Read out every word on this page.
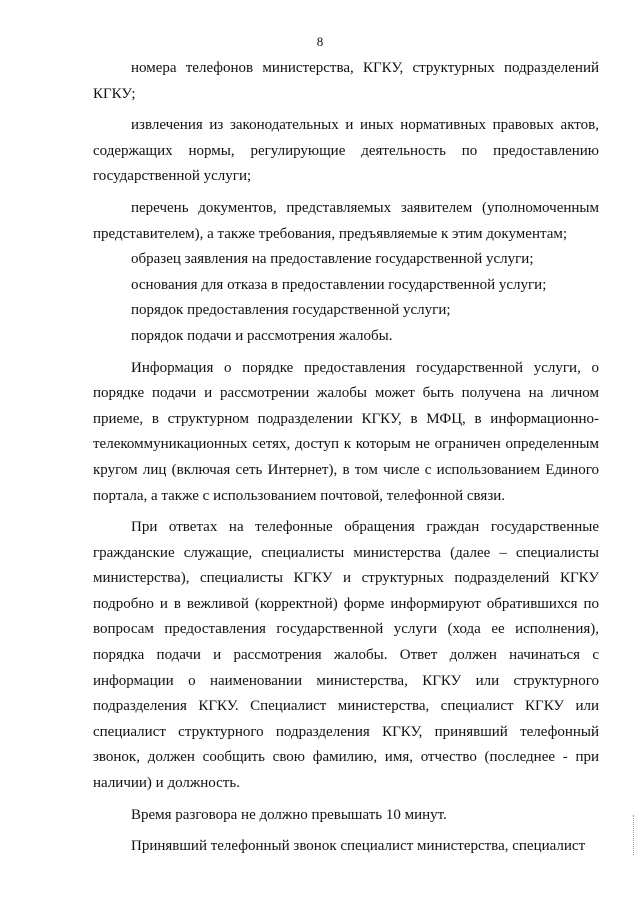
8

номера телефонов министерства, КГКУ, структурных подразделений КГКУ;

извлечения из законодательных и иных нормативных правовых актов, содержащих нормы, регулирующие деятельность по предоставлению государственной услуги;

перечень документов, представляемых заявителем (уполномоченным представителем), а также требования, предъявляемые к этим документам;

образец заявления на предоставление государственной услуги;

основания для отказа в предоставлении государственной услуги;

порядок предоставления государственной услуги;

порядок подачи и рассмотрения жалобы.

Информация о порядке предоставления государственной услуги, о порядке подачи и рассмотрении жалобы может быть получена на личном приеме, в структурном подразделении КГКУ, в МФЦ, в информационно-телекоммуникационных сетях, доступ к которым не ограничен определенным кругом лиц (включая сеть Интернет), в том числе с использованием Единого портала, а также с использованием почтовой, телефонной связи.

При ответах на телефонные обращения граждан государственные гражданские служащие, специалисты министерства (далее – специалисты министерства), специалисты КГКУ и структурных подразделений КГКУ подробно и в вежливой (корректной) форме информируют обратившихся по вопросам предоставления государственной услуги (хода ее исполнения), порядка подачи и рассмотрения жалобы. Ответ должен начинаться с информации о наименовании министерства, КГКУ или структурного подразделения КГКУ. Специалист министерства, специалист КГКУ или специалист структурного подразделения КГКУ, принявший телефонный звонок, должен сообщить свою фамилию, имя, отчество (последнее - при наличии) и должность.

Время разговора не должно превышать 10 минут.

Принявший телефонный звонок специалист министерства, специалист
